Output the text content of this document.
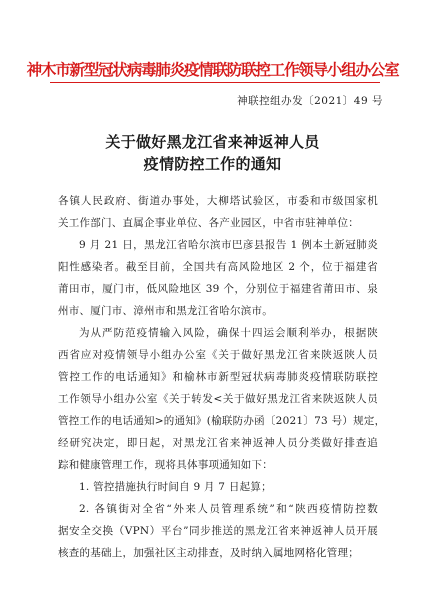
神木市新型冠状病毒肺炎疫情联防联控工作领导小组办公室
神联控组办发〔2021〕49 号
关于做好黑龙江省来神返神人员
疫情防控工作的通知
各镇人民政府、街道办事处，大柳塔试验区，市委和市级国家机
关工作部门、直属企事业单位、各产业园区，中省市驻神单位：
9 月 21 日，黑龙江省哈尔滨市巴彦县报告 1 例本土新冠肺炎
阳性感染者。截至目前，全国共有高风险地区 2 个，位于福建省
莆田市，厦门市，低风险地区 39 个，分别位于福建省莆田市、泉
州市、厦门市、漳州市和黑龙江省哈尔滨市。
为从严防范疫情输入风险，确保十四运会顺利举办，根据陕
西省应对疫情领导小组办公室《关于做好黑龙江省来陕返陕人员
管控工作的电话通知》和榆林市新型冠状病毒肺炎疫情联防联控
工作领导小组办公室《关于转发<关于做好黑龙江省来陕返陕人员
管控工作的电话通知>的通知》(榆联防办函〔2021〕73 号）规定，
经研究决定，即日起，对黑龙江省来神返神人员分类做好排查追
踪和健康管理工作，现将具体事项通知如下：
1. 管控措施执行时间自 9 月 7 日起算；
2. 各镇街对全省“外来人员管理系统”和“陕西疫情防控数
据安全交换（VPN）平台”同步推送的黑龙江省来神返神人员开展
核查的基础上，加强社区主动排查，及时纳入属地网格化管理；
